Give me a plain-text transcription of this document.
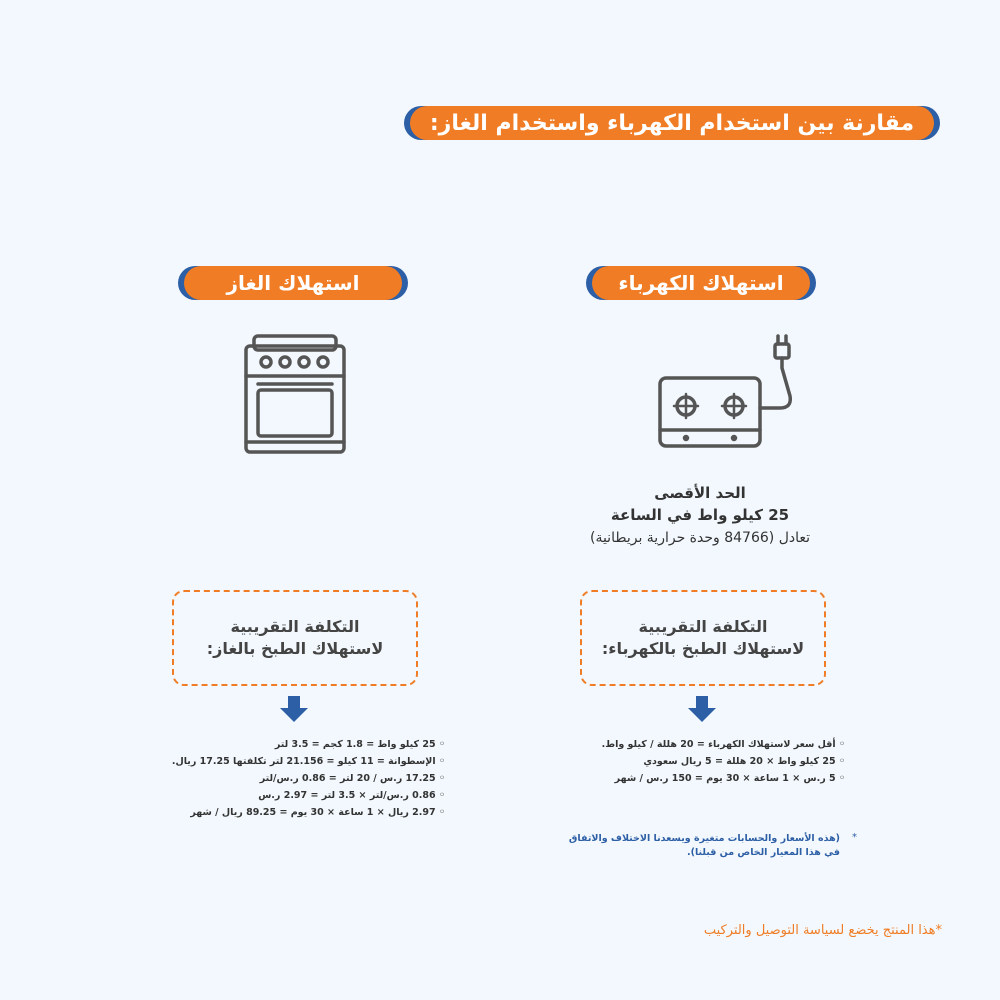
مقارنة بين استخدام الكهرباء واستخدام الغاز:
استهلاك الكهرباء
استهلاك الغاز
الحد الأقصى
25 كيلو واط في الساعة
تعادل (84766 وحدة حرارية بريطانية)
التكلفة التقريبية
لاستهلاك الطبخ بالكهرباء:
التكلفة التقريبية
لاستهلاك الطبخ بالغاز:
◦ أقل سعر لاستهلاك الكهرباء = 20 هللة / كيلو واط.
◦ 25 كيلو واط × 20 هللة = 5 ريال سعودي
◦ 5 ر.س × 1 ساعة × 30 يوم = 150 ر.س / شهر
◦ 25 كيلو واط = 1.8 كجم = 3.5 لتر
◦ الإسطوانة = 11 كيلو = 21.156 لتر تكلفتها 17.25 ريال.
◦ 17.25 ر.س / 20 لتر = 0.86 ر.س/لتر
◦ 0.86 ر.س/لتر × 3.5 لتر = 2.97 ر.س
◦ 2.97 ريال × 1 ساعة × 30 يوم = 89.25 ريال / شهر
*
(هذه الأسعار والحسابات متغيرة ويسعدنا الاختلاف والاتفاق في هذا المعيار الخاص من قبلنا).
*هذا المنتج يخضع لسياسة التوصيل والتركيب
